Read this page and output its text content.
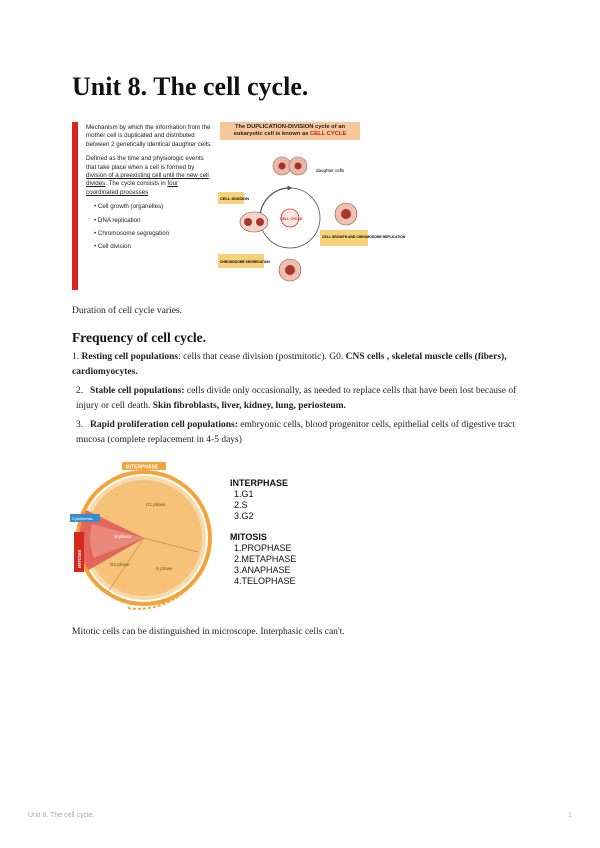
Unit 8. The cell cycle.

Mechanism by which the information from the mother cell is duplicated and distributed between 2 genetically identical daughter cells.

Defined as the time and physiologic events that take place when a cell is formed by division of a preexisting cell until the new cell divides. The cycle consists in four coordinated processes

• Cell growth (organelles)
• DNA replication
• Chromosome segregation
• Cell division
The DUPLICATION-DIVISION cycle of an eukaryotic cell is known as CELL CYCLE
daughter cells
CELL DIVISION
CELL CYCLE
CELL GROWTH AND CHROMOSOME REPLICATION
CHROMOSOME SEGREGATION

Duration of cell cycle varies.

Frequency of cell cycle.

1. Resting cell populations: cells that cease division (postmitotic). G0. CNS cells , skeletal muscle cells (fibers), cardiomyocytes.

2. Stable cell populations: cells divide only occasionally, as needed to replace cells that have been lost because of injury or cell death. Skin fibroblasts, liver, kidney, lung, periosteum.

3. Rapid proliferation cell populations: embryonic cells, blood progenitor cells, epithelial cells of digestive tract mucosa (complete replacement in 4-5 days)

INTERPHASE
Cytokinesis
MITOSIS
G1 phase
S phase
G2 phase
M phase
INTERPHASE
1.G1
2.S
3.G2
MITOSIS
1.PROPHASE
2.METAPHASE
3.ANAPHASE
4.TELOPHASE

Mitotic cells can be distinguished in microscope. Interphasic cells can't.

Unit 8. The cell cycle.	1
